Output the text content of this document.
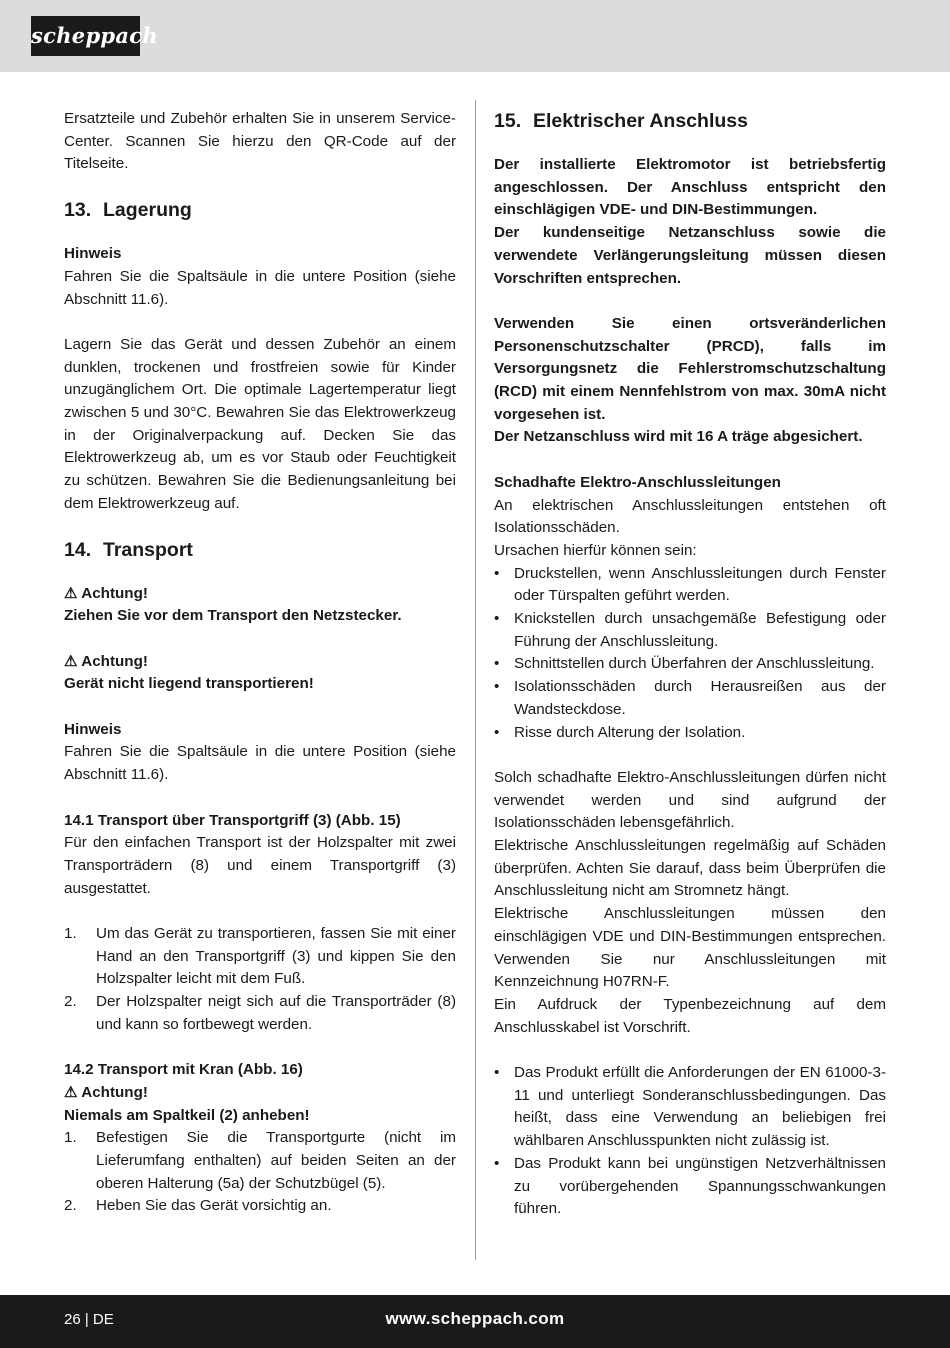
scheppach

Ersatzteile und Zubehör erhalten Sie in unserem Service-Center. Scannen Sie hierzu den QR-Code auf der Titelseite.

13. Lagerung

Hinweis

Fahren Sie die Spaltsäule in die untere Position (siehe Abschnitt 11.6).

Lagern Sie das Gerät und dessen Zubehör an einem dunklen, trockenen und frostfreien sowie für Kinder unzugänglichem Ort. Die optimale Lagertemperatur liegt zwischen 5 und 30°C. Bewahren Sie das Elektrowerkzeug in der Originalverpackung auf. Decken Sie das Elektrowerkzeug ab, um es vor Staub oder Feuchtigkeit zu schützen. Bewahren Sie die Bedienungsanleitung bei dem Elektrowerkzeug auf.

14. Transport

⚠ Achtung!

Ziehen Sie vor dem Transport den Netzstecker.

⚠ Achtung!

Gerät nicht liegend transportieren!

Hinweis

Fahren Sie die Spaltsäule in die untere Position (siehe Abschnitt 11.6).

14.1 Transport über Transportgriff (3) (Abb. 15)

Für den einfachen Transport ist der Holzspalter mit zwei Transporträdern (8) und einem Transportgriff (3) ausgestattet.

1. Um das Gerät zu transportieren, fassen Sie mit einer Hand an den Transportgriff (3) und kippen Sie den Holzspalter leicht mit dem Fuß.
2. Der Holzspalter neigt sich auf die Transporträder (8) und kann so fortbewegt werden.

14.2 Transport mit Kran (Abb. 16)

⚠ Achtung!

Niemals am Spaltkeil (2) anheben!

1. Befestigen Sie die Transportgurte (nicht im Lieferumfang enthalten) auf beiden Seiten an der oberen Halterung (5a) der Schutzbügel (5).
2. Heben Sie das Gerät vorsichtig an.
15. Elektrischer Anschluss

Der installierte Elektromotor ist betriebsfertig angeschlossen. Der Anschluss entspricht den einschlägigen VDE- und DIN-Bestimmungen.

Der kundenseitige Netzanschluss sowie die verwendete Verlängerungsleitung müssen diesen Vorschriften entsprechen.

Verwenden Sie einen ortsveränderlichen Personenschutzschalter (PRCD), falls im Versorgungsnetz die Fehlerstromschutzschaltung (RCD) mit einem Nennfehlstrom von max. 30mA nicht vorgesehen ist.

Der Netzanschluss wird mit 16 A träge abgesichert.

Schadhafte Elektro-Anschlussleitungen

An elektrischen Anschlussleitungen entstehen oft Isolationsschäden.

Ursachen hierfür können sein:

• Druckstellen, wenn Anschlussleitungen durch Fenster oder Türspalten geführt werden.
• Knickstellen durch unsachgemäße Befestigung oder Führung der Anschlussleitung.
• Schnittstellen durch Überfahren der Anschlussleitung.
• Isolationsschäden durch Herausreißen aus der Wandsteckdose.
• Risse durch Alterung der Isolation.

Solch schadhafte Elektro-Anschlussleitungen dürfen nicht verwendet werden und sind aufgrund der Isolationsschäden lebensgefährlich.

Elektrische Anschlussleitungen regelmäßig auf Schäden überprüfen. Achten Sie darauf, dass beim Überprüfen die Anschlussleitung nicht am Stromnetz hängt.

Elektrische Anschlussleitungen müssen den einschlägigen VDE und DIN-Bestimmungen entsprechen. Verwenden Sie nur Anschlussleitungen mit Kennzeichnung H07RN-F.

Ein Aufdruck der Typenbezeichnung auf dem Anschlusskabel ist Vorschrift.

• Das Produkt erfüllt die Anforderungen der EN 61000-3-11 und unterliegt Sonderanschlussbedingungen. Das heißt, dass eine Verwendung an beliebigen frei wählbaren Anschlusspunkten nicht zulässig ist.
• Das Produkt kann bei ungünstigen Netzverhältnissen zu vorübergehenden Spannungsschwankungen führen.
26 | DE	www.scheppach.com
